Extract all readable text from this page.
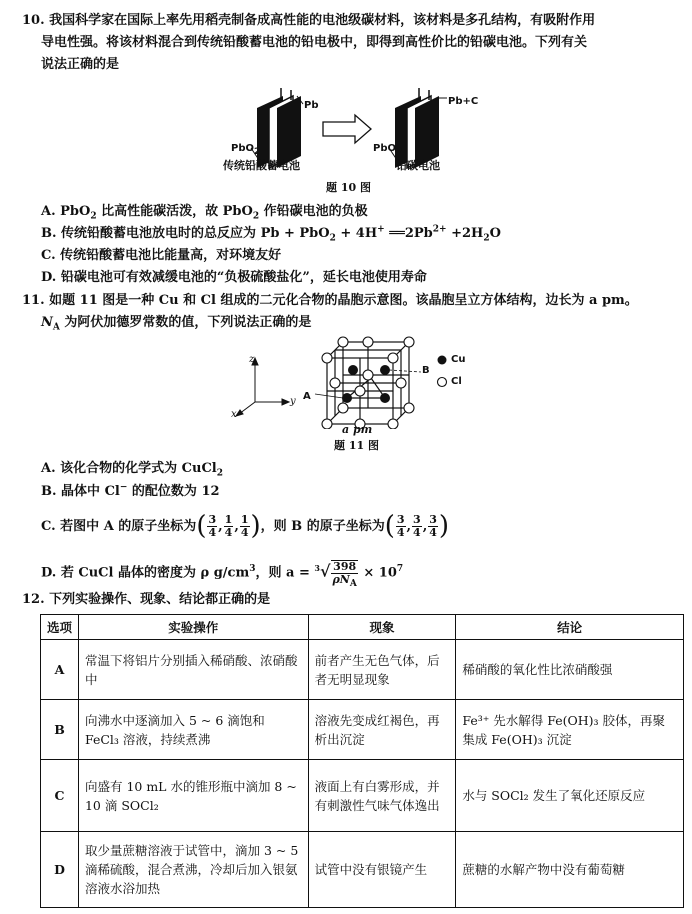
10. 我国科学家在国际上率先用稻壳制备成高性能的电池级碳材料，该材料是多孔结构，有吸附作用
导电性强。将该材料混合到传统铅酸蓄电池的铅电极中，即得到高性价比的铅碳电池。下列有关
说法正确的是
Pb
PbO$_2$
传统铅酸蓄电池
Pb+C
PbO$_2$
铅碳电池
题 10 图
A. PbO$_2$ 比高性能碳活泼，故 PbO$_2$ 作铅碳电池的负极
B. 传统铅酸蓄电池放电时的总反应为 Pb + PbO$_2$ + 4H+ $══2Pb^{2+} +2H_2O$
C. 传统铅酸蓄电池比能量高，对环境友好
D. 铅碳电池可有效减缓电池的“负极硫酸盐化”，延长电池使用寿命
11. 如题 11 图是一种 Cu 和 Cl 组成的二元化合物的晶胞示意图。该晶胞呈立方体结构，边长为 a pm。
$N_A$ 为阿伏加德罗常数的值，下列说法正确的是
z
y
x
A
B
Cu
Cl
a pm
题 11 图
A. 该化合物的化学式为 CuCl$_2$
B. 晶体中 Cl− 的配位数为 12
C. 若图中 A 的原子坐标为( $\frac{3}{4}$ , $\frac{1}{4}$ , $\frac{1}{4}$ )，则 B 的原子坐标为( $\frac{3}{4}$ , $\frac{3}{4}$ , $\frac{3}{4}$ )
D. 若 CuCl 晶体的密度为 ρ $g/cm^3$，则 $a = ^3√ \frac{398}{\rho N_A} \times 10^7$
12. 下列实验操作、现象、结论都正确的是
选项	实验操作	现象	结论
A	常温下将铝片分别插入稀硝酸、浓硝酸中	前者产生无色气体，后者无明显现象	稀硝酸的氧化性比浓硝酸强
B	向沸水中逐滴加入 5 ~ 6 滴饱和 FeCl₃ 溶液，持续煮沸	溶液先变成红褐色，再析出沉淀	Fe³⁺ 先水解得 Fe(OH)₃ 胶体，再聚集成 Fe(OH)₃ 沉淀
C	向盛有 10 mL 水的锥形瓶中滴加 8 ~ 10 滴 SOCl₂	液面上有白雾形成，并有刺激性气味气体逸出	水与 SOCl₂ 发生了氧化还原反应
D	取少量蔗糖溶液于试管中，滴加 3 ~ 5 滴稀硫酸，混合煮沸，冷却后加入银氨溶液水浴加热	试管中没有银镜产生	蔗糖的水解产物中没有葡萄糖
